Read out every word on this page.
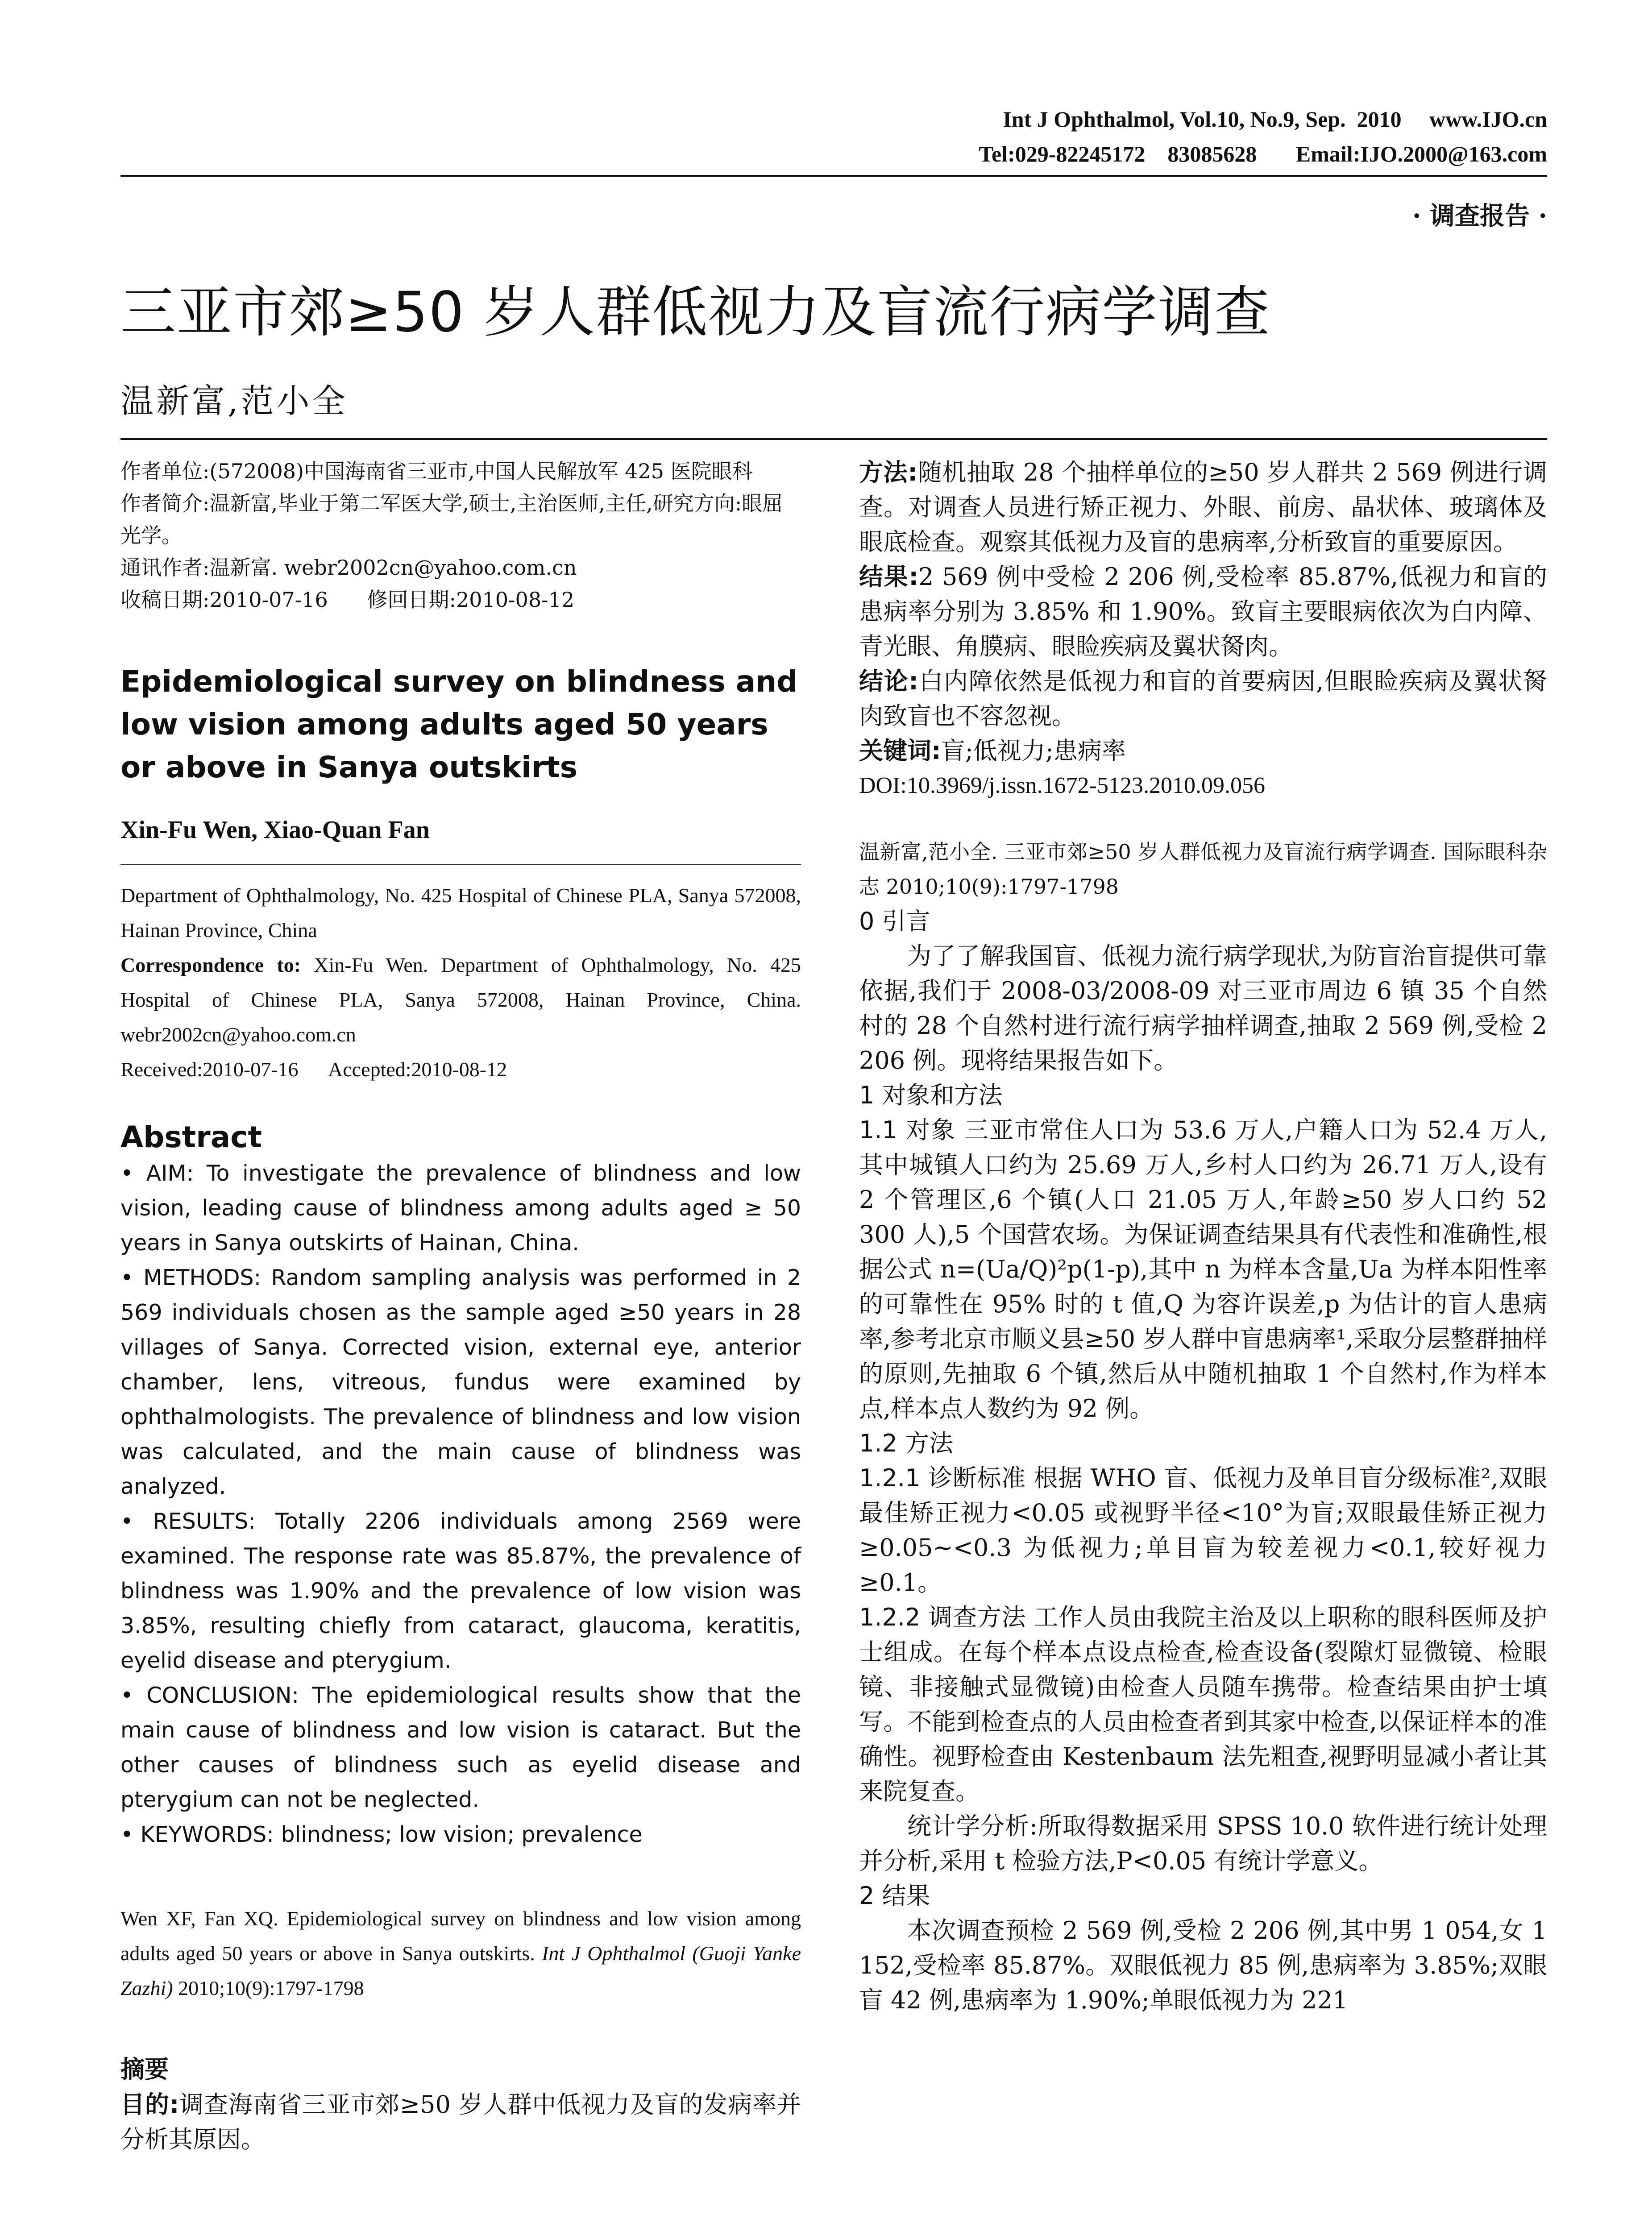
Int J Ophthalmol, Vol.10, No.9, Sep.  2010     www.IJO.cn
Tel:029-82245172    83085628       Email:IJO.2000@163.com
· 调查报告 ·
三亚市郊≥50 岁人群低视力及盲流行病学调查
温新富,范小全

作者单位:(572008)中国海南省三亚市,中国人民解放军 425 医院眼科

作者简介:温新富,毕业于第二军医大学,硕士,主治医师,主任,研究方向:眼屈光学。

通讯作者:温新富. webr2002cn@yahoo.com.cn

收稿日期:2010-07-16      修回日期:2010-08-12

Epidemiological survey on blindness and low vision among adults aged 50 years or above in Sanya outskirts

Xin-Fu Wen, Xiao-Quan Fan

Department of Ophthalmology, No. 425 Hospital of Chinese PLA, Sanya 572008, Hainan Province, China

Correspondence to: Xin-Fu Wen. Department of Ophthalmology, No. 425 Hospital of Chinese PLA, Sanya 572008, Hainan Province, China. webr2002cn@yahoo.com.cn

Received:2010-07-16      Accepted:2010-08-12

Abstract

• AIM: To investigate the prevalence of blindness and low vision, leading cause of blindness among adults aged ≥ 50 years in Sanya outskirts of Hainan, China.

• METHODS: Random sampling analysis was performed in 2 569 individuals chosen as the sample aged ≥50 years in 28 villages of Sanya. Corrected vision, external eye, anterior chamber, lens, vitreous, fundus were examined by ophthalmologists. The prevalence of blindness and low vision was calculated, and the main cause of blindness was analyzed.

• RESULTS: Totally 2206 individuals among 2569 were examined. The response rate was 85.87%, the prevalence of blindness was 1.90% and the prevalence of low vision was 3.85%, resulting chiefly from cataract, glaucoma, keratitis, eyelid disease and pterygium.

• CONCLUSION: The epidemiological results show that the main cause of blindness and low vision is cataract. But the other causes of blindness such as eyelid disease and pterygium can not be neglected.

• KEYWORDS: blindness; low vision; prevalence

Wen XF, Fan XQ. Epidemiological survey on blindness and low vision among adults aged 50 years or above in Sanya outskirts. Int J Ophthalmol (Guoji Yanke Zazhi) 2010;10(9):1797-1798

摘要

目的:调查海南省三亚市郊≥50 岁人群中低视力及盲的发病率并分析其原因。

方法:随机抽取 28 个抽样单位的≥50 岁人群共 2 569 例进行调查。对调查人员进行矫正视力、外眼、前房、晶状体、玻璃体及眼底检查。观察其低视力及盲的患病率,分析致盲的重要原因。

结果:2 569 例中受检 2 206 例,受检率 85.87%,低视力和盲的患病率分别为 3.85% 和 1.90%。致盲主要眼病依次为白内障、青光眼、角膜病、眼睑疾病及翼状胬肉。

结论:白内障依然是低视力和盲的首要病因,但眼睑疾病及翼状胬肉致盲也不容忽视。

关键词:盲;低视力;患病率

DOI:10.3969/j.issn.1672-5123.2010.09.056

温新富,范小全. 三亚市郊≥50 岁人群低视力及盲流行病学调查. 国际眼科杂志 2010;10(9):1797-1798

0 引言

为了了解我国盲、低视力流行病学现状,为防盲治盲提供可靠依据,我们于 2008-03/2008-09 对三亚市周边 6 镇 35 个自然村的 28 个自然村进行流行病学抽样调查,抽取 2 569 例,受检 2 206 例。现将结果报告如下。

1 对象和方法

1.1 对象 三亚市常住人口为 53.6 万人,户籍人口为 52.4 万人,其中城镇人口约为 25.69 万人,乡村人口约为 26.71 万人,设有 2 个管理区,6 个镇(人口 21.05 万人,年龄≥50 岁人口约 52 300 人),5 个国营农场。为保证调查结果具有代表性和准确性,根据公式 n=(Ua/Q)²p(1-p),其中 n 为样本含量,Ua 为样本阳性率的可靠性在 95% 时的 t 值,Q 为容许误差,p 为估计的盲人患病率,参考北京市顺义县≥50 岁人群中盲患病率¹,采取分层整群抽样的原则,先抽取 6 个镇,然后从中随机抽取 1 个自然村,作为样本点,样本点人数约为 92 例。

1.2 方法

1.2.1 诊断标准 根据 WHO 盲、低视力及单目盲分级标准²,双眼最佳矫正视力<0.05 或视野半径<10°为盲;双眼最佳矫正视力≥0.05~<0.3 为低视力;单目盲为较差视力<0.1,较好视力≥0.1。

1.2.2 调查方法 工作人员由我院主治及以上职称的眼科医师及护士组成。在每个样本点设点检查,检查设备(裂隙灯显微镜、检眼镜、非接触式显微镜)由检查人员随车携带。检查结果由护士填写。不能到检查点的人员由检查者到其家中检查,以保证样本的准确性。视野检查由 Kestenbaum 法先粗查,视野明显减小者让其来院复查。

统计学分析:所取得数据采用 SPSS 10.0 软件进行统计处理并分析,采用 t 检验方法,P<0.05 有统计学意义。

2 结果

本次调查预检 2 569 例,受检 2 206 例,其中男 1 054,女 1 152,受检率 85.87%。双眼低视力 85 例,患病率为 3.85%;双眼盲 42 例,患病率为 1.90%;单眼低视力为 221
